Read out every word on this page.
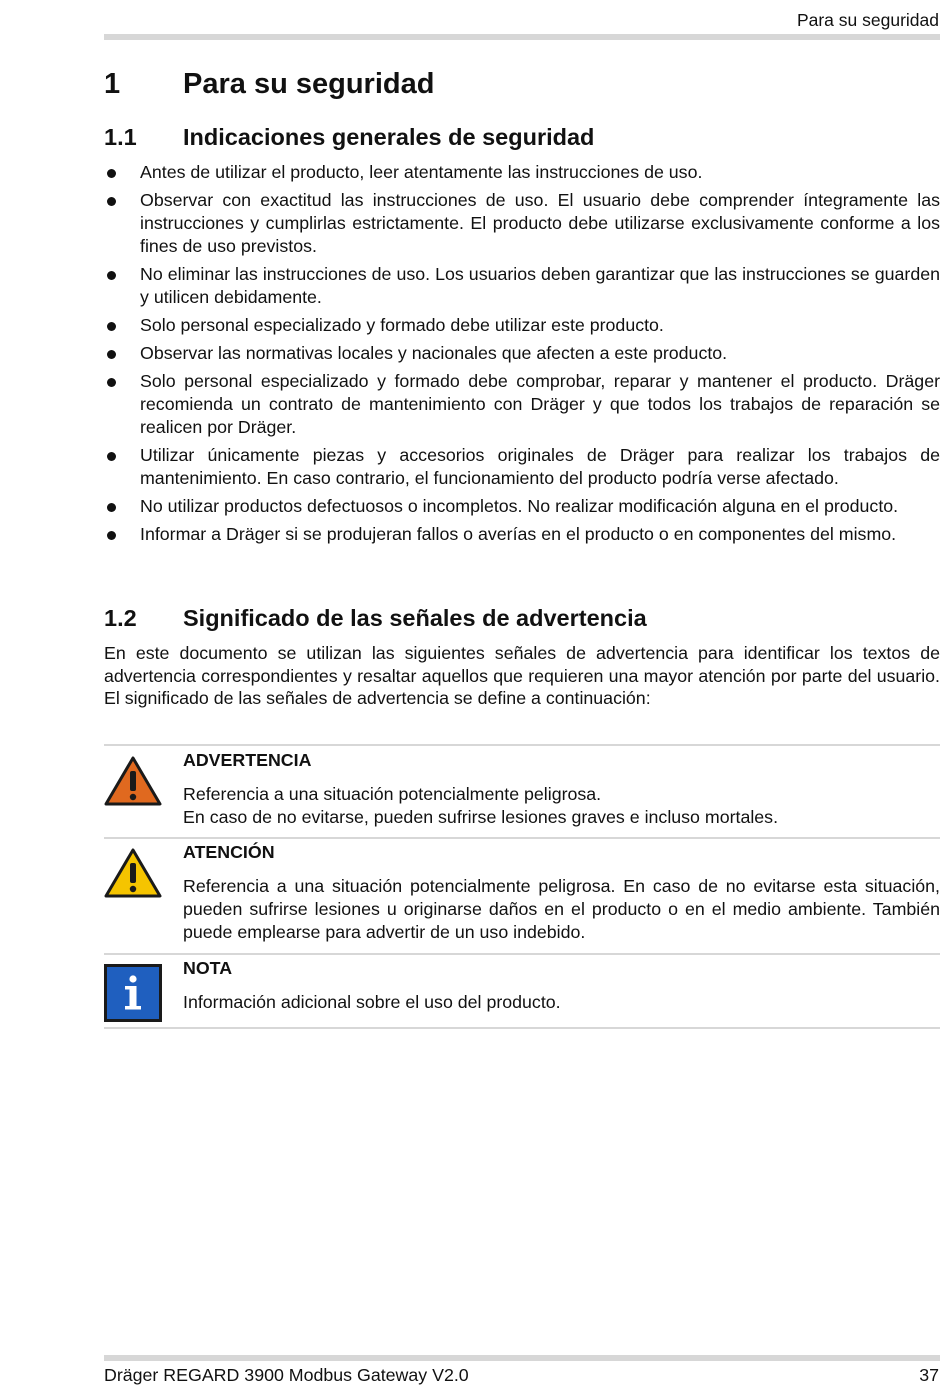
Para su seguridad
1 Para su seguridad
1.1 Indicaciones generales de seguridad
Antes de utilizar el producto, leer atentamente las instrucciones de uso.
Observar con exactitud las instrucciones de uso. El usuario debe comprender íntegramente las instrucciones y cumplirlas estrictamente. El producto debe utilizarse exclusivamente conforme a los fines de uso previstos.
No eliminar las instrucciones de uso. Los usuarios deben garantizar que las instrucciones se guarden y utilicen debidamente.
Solo personal especializado y formado debe utilizar este producto.
Observar las normativas locales y nacionales que afecten a este producto.
Solo personal especializado y formado debe comprobar, reparar y mantener el producto. Dräger recomienda un contrato de mantenimiento con Dräger y que todos los trabajos de reparación se realicen por Dräger.
Utilizar únicamente piezas y accesorios originales de Dräger para realizar los trabajos de mantenimiento. En caso contrario, el funcionamiento del producto podría verse afectado.
No utilizar productos defectuosos o incompletos. No realizar modificación alguna en el producto.
Informar a Dräger si se produjeran fallos o averías en el producto o en componentes del mismo.
1.2 Significado de las señales de advertencia

En este documento se utilizan las siguientes señales de advertencia para identificar los textos de advertencia correspondientes y resaltar aquellos que requieren una mayor atención por parte del usuario. El significado de las señales de advertencia se define a continuación:

ADVERTENCIA
Referencia a una situación potencialmente peligrosa.
En caso de no evitarse, pueden sufrirse lesiones graves e incluso mortales.
ATENCIÓN
Referencia a una situación potencialmente peligrosa. En caso de no evitarse esta situación, pueden sufrirse lesiones u originarse daños en el producto o en el medio ambiente. También puede emplearse para advertir de un uso indebido.
NOTA
Información adicional sobre el uso del producto.
Dräger REGARD 3900 Modbus Gateway V2.0	37
